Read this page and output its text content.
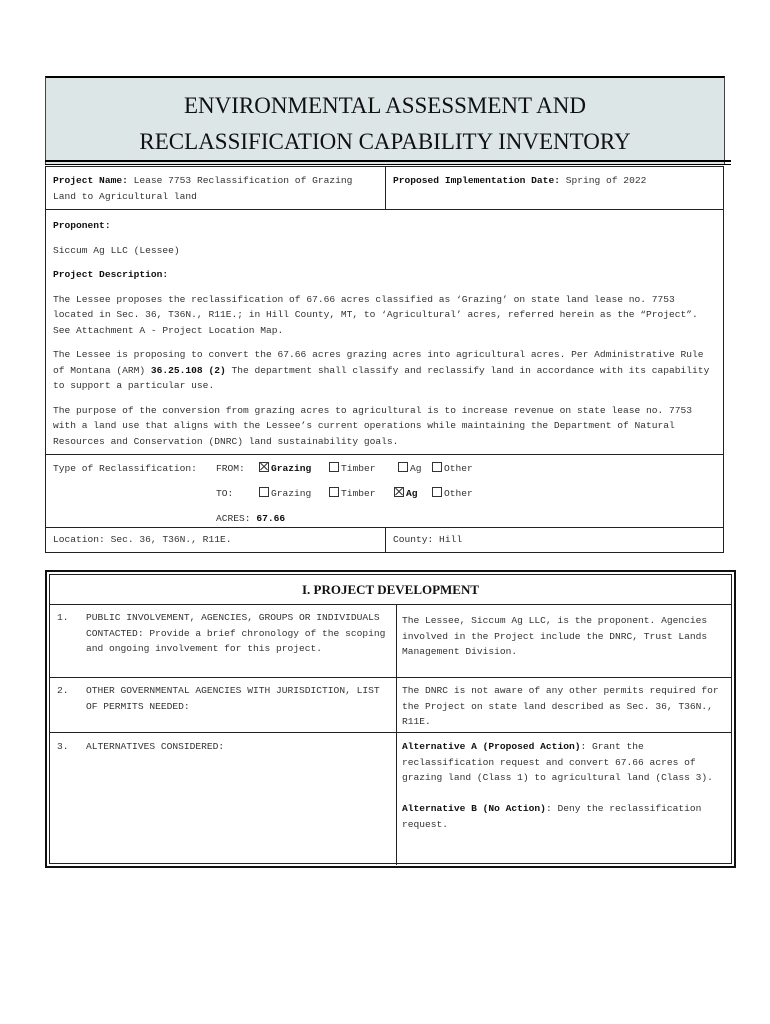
ENVIRONMENTAL ASSESSMENT AND
RECLASSIFICATION CAPABILITY INVENTORY
Project Name: Lease 7753 Reclassification of Grazing Land to Agricultural land
Proposed Implementation Date: Spring of 2022

Proponent:

Siccum Ag LLC (Lessee)

Project Description:

The Lessee proposes the reclassification of 67.66 acres classified as ‘Grazing’ on state land lease no. 7753 located in Sec. 36, T36N., R11E.; in Hill County, MT, to ‘Agricultural’ acres, referred herein as the “Project”. See Attachment A - Project Location Map.

The Lessee is proposing to convert the 67.66 acres grazing acres into agricultural acres. Per Administrative Rule of Montana (ARM) 36.25.108 (2) The department shall classify and reclassify land in accordance with its capability to support a particular use.

The purpose of the conversion from grazing acres to agricultural is to increase revenue on state lease no. 7753 with a land use that aligns with the Lessee’s current operations while maintaining the Department of Natural Resources and Conservation (DNRC) land sustainability goals.

Type of Reclassification: FROM:	Grazing	Timber	Ag	Other
TO:	Grazing	Timber	Ag	Other
ACRES: 67.66
Location: Sec. 36, T36N., R11E.	County: Hill
I. PROJECT DEVELOPMENT
1. PUBLIC INVOLVEMENT, AGENCIES, GROUPS OR INDIVIDUALS CONTACTED: Provide a brief chronology of the scoping and ongoing involvement for this project.
The Lessee, Siccum Ag LLC, is the proponent. Agencies involved in the Project include the DNRC, Trust Lands Management Division.
2. OTHER GOVERNMENTAL AGENCIES WITH JURISDICTION, LIST OF PERMITS NEEDED:
The DNRC is not aware of any other permits required for the Project on state land described as Sec. 36, T36N., R11E.
3. ALTERNATIVES CONSIDERED:	Alternative A (Proposed Action): Grant the reclassification request and convert 67.66 acres of grazing land (Class 1) to agricultural land (Class 3).
Alternative B (No Action): Deny the reclassification request.
